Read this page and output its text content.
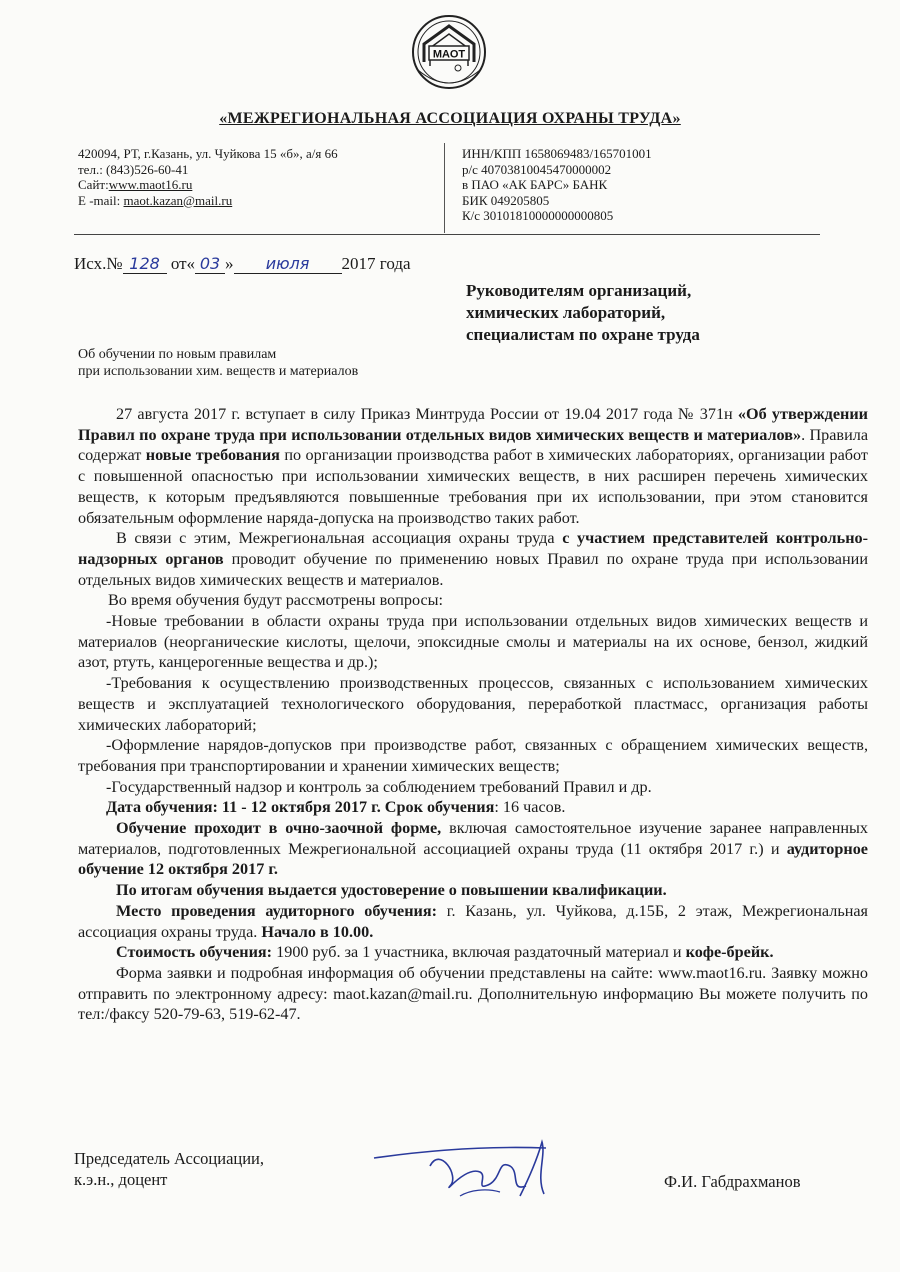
МАОТ
«МЕЖРЕГИОНАЛЬНАЯ АССОЦИАЦИЯ ОХРАНЫ ТРУДА»
420094, РТ, г.Казань, ул. Чуйкова 15 «б», а/я 66
тел.: (843)526-60-41
Сайт:www.maot16.ru
E -mail: maot.kazan@mail.ru
ИНН/КПП 1658069483/165701001
р/с 40703810045470000002
в ПАО «АК БАРС» БАНК
БИК 049205805
К/с 30101810000000000805
Исх.№ 128 от« 03 » июля 2017 года
Руководителям организаций,
химических лабораторий,
специалистам по охране труда
Об обучении по новым правилам
при использовании хим. веществ и материалов

27 августа 2017 г. вступает в силу Приказ Минтруда России от 19.04 2017 года № 371н «Об утверждении Правил по охране труда при использовании отдельных видов химических веществ и материалов». Правила содержат новые требования по организации производства работ в химических лабораториях, организации работ с повышенной опасностью при использовании химических веществ, в них расширен перечень химических веществ, к которым предъявляются повышенные требования при их использовании, при этом становится обязательным оформление наряда-допуска на производство таких работ.

В связи с этим, Межрегиональная ассоциация охраны труда с участием представителей контрольно-надзорных органов проводит обучение по применению новых Правил по охране труда при использовании отдельных видов химических веществ и материалов.

Во время обучения будут рассмотрены вопросы:

-Новые требовании в области охраны труда при использовании отдельных видов химических веществ и материалов (неорганические кислоты, щелочи, эпоксидные смолы и материалы на их основе, бензол, жидкий азот, ртуть, канцерогенные вещества и др.);

-Требования к осуществлению производственных процессов, связанных с использованием химических веществ и эксплуатацией технологического оборудования, переработкой пластмасс, организация работы химических лабораторий;

-Оформление нарядов-допусков при производстве работ, связанных с обращением химических веществ, требования при транспортировании и хранении химических веществ;

-Государственный надзор и контроль за соблюдением требований Правил и др.

Дата обучения: 11 - 12 октября 2017 г. Срок обучения: 16 часов.

Обучение проходит в очно-заочной форме, включая самостоятельное изучение заранее направленных материалов, подготовленных Межрегиональной ассоциацией охраны труда (11 октября 2017 г.) и аудиторное обучение 12 октября 2017 г.

По итогам обучения выдается удостоверение о повышении квалификации.

Место проведения аудиторного обучения: г. Казань, ул. Чуйкова, д.15Б, 2 этаж, Межрегиональная ассоциация охраны труда. Начало в 10.00.

Стоимость обучения: 1900 руб. за 1 участника, включая раздаточный материал и кофе-брейк.

Форма заявки и подробная информация об обучении представлены на сайте: www.maot16.ru. Заявку можно отправить по электронному адресу: maot.kazan@mail.ru. Дополнительную информацию Вы можете получить по тел:/факсу 520-79-63, 519-62-47.

Председатель Ассоциации,
к.э.н., доцент	Ф.И. Габдрахманов
